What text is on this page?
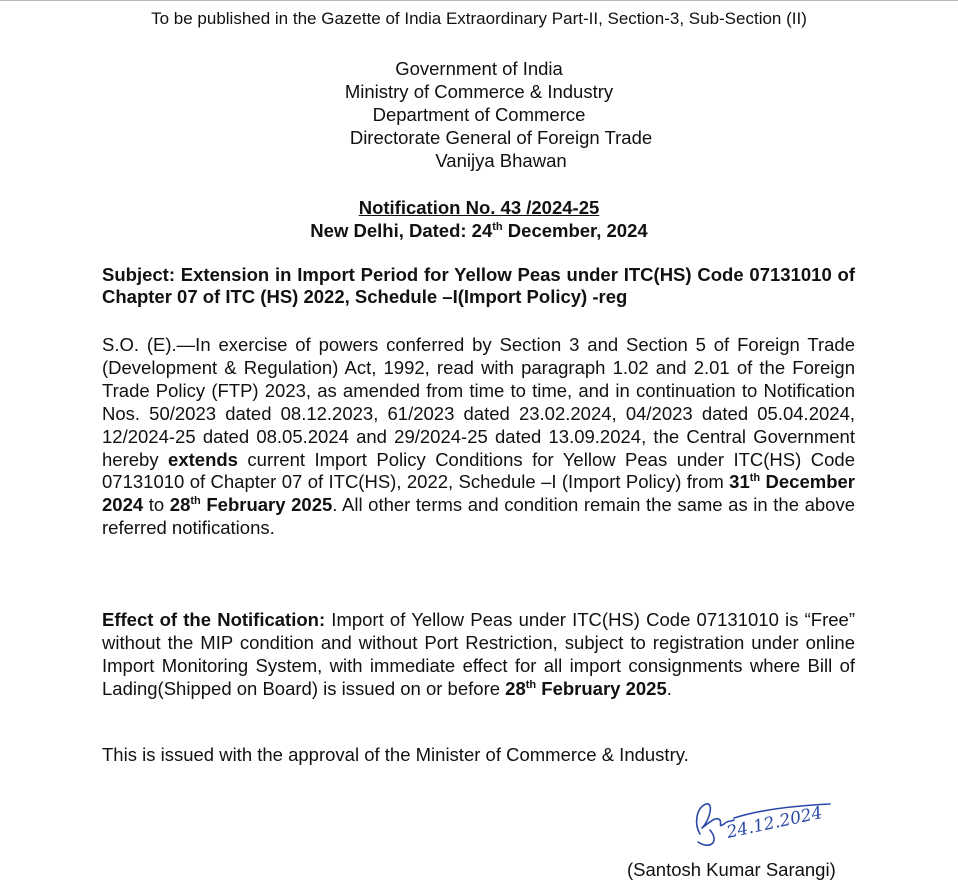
To be published in the Gazette of India Extraordinary Part-II, Section-3, Sub-Section (II)
Government of India
Ministry of Commerce & Industry
Department of Commerce
Directorate General of Foreign Trade
Vanijya Bhawan
Notification No. 43 /2024-25
New Delhi, Dated: 24th December, 2024
Subject: Extension in Import Period for Yellow Peas under ITC(HS) Code 07131010 of Chapter 07 of ITC (HS) 2022, Schedule –I(Import Policy) -reg
S.O. (E).—In exercise of powers conferred by Section 3 and Section 5 of Foreign Trade (Development & Regulation) Act, 1992, read with paragraph 1.02 and 2.01 of the Foreign Trade Policy (FTP) 2023, as amended from time to time, and in continuation to Notification Nos. 50/2023 dated 08.12.2023, 61/2023 dated 23.02.2024, 04/2023 dated 05.04.2024, 12/2024-25 dated 08.05.2024 and 29/2024-25 dated 13.09.2024, the Central Government hereby extends current Import Policy Conditions for Yellow Peas under ITC(HS) Code 07131010 of Chapter 07 of ITC(HS), 2022, Schedule –I (Import Policy) from 31th December 2024 to 28th February 2025. All other terms and condition remain the same as in the above referred notifications.
Effect of the Notification: Import of Yellow Peas under ITC(HS) Code 07131010 is “Free” without the MIP condition and without Port Restriction, subject to registration under online Import Monitoring System, with immediate effect for all import consignments where Bill of Lading(Shipped on Board) is issued on or before 28th February 2025.
This is issued with the approval of the Minister of Commerce & Industry.
24.12.2024
(Santosh Kumar Sarangi)
